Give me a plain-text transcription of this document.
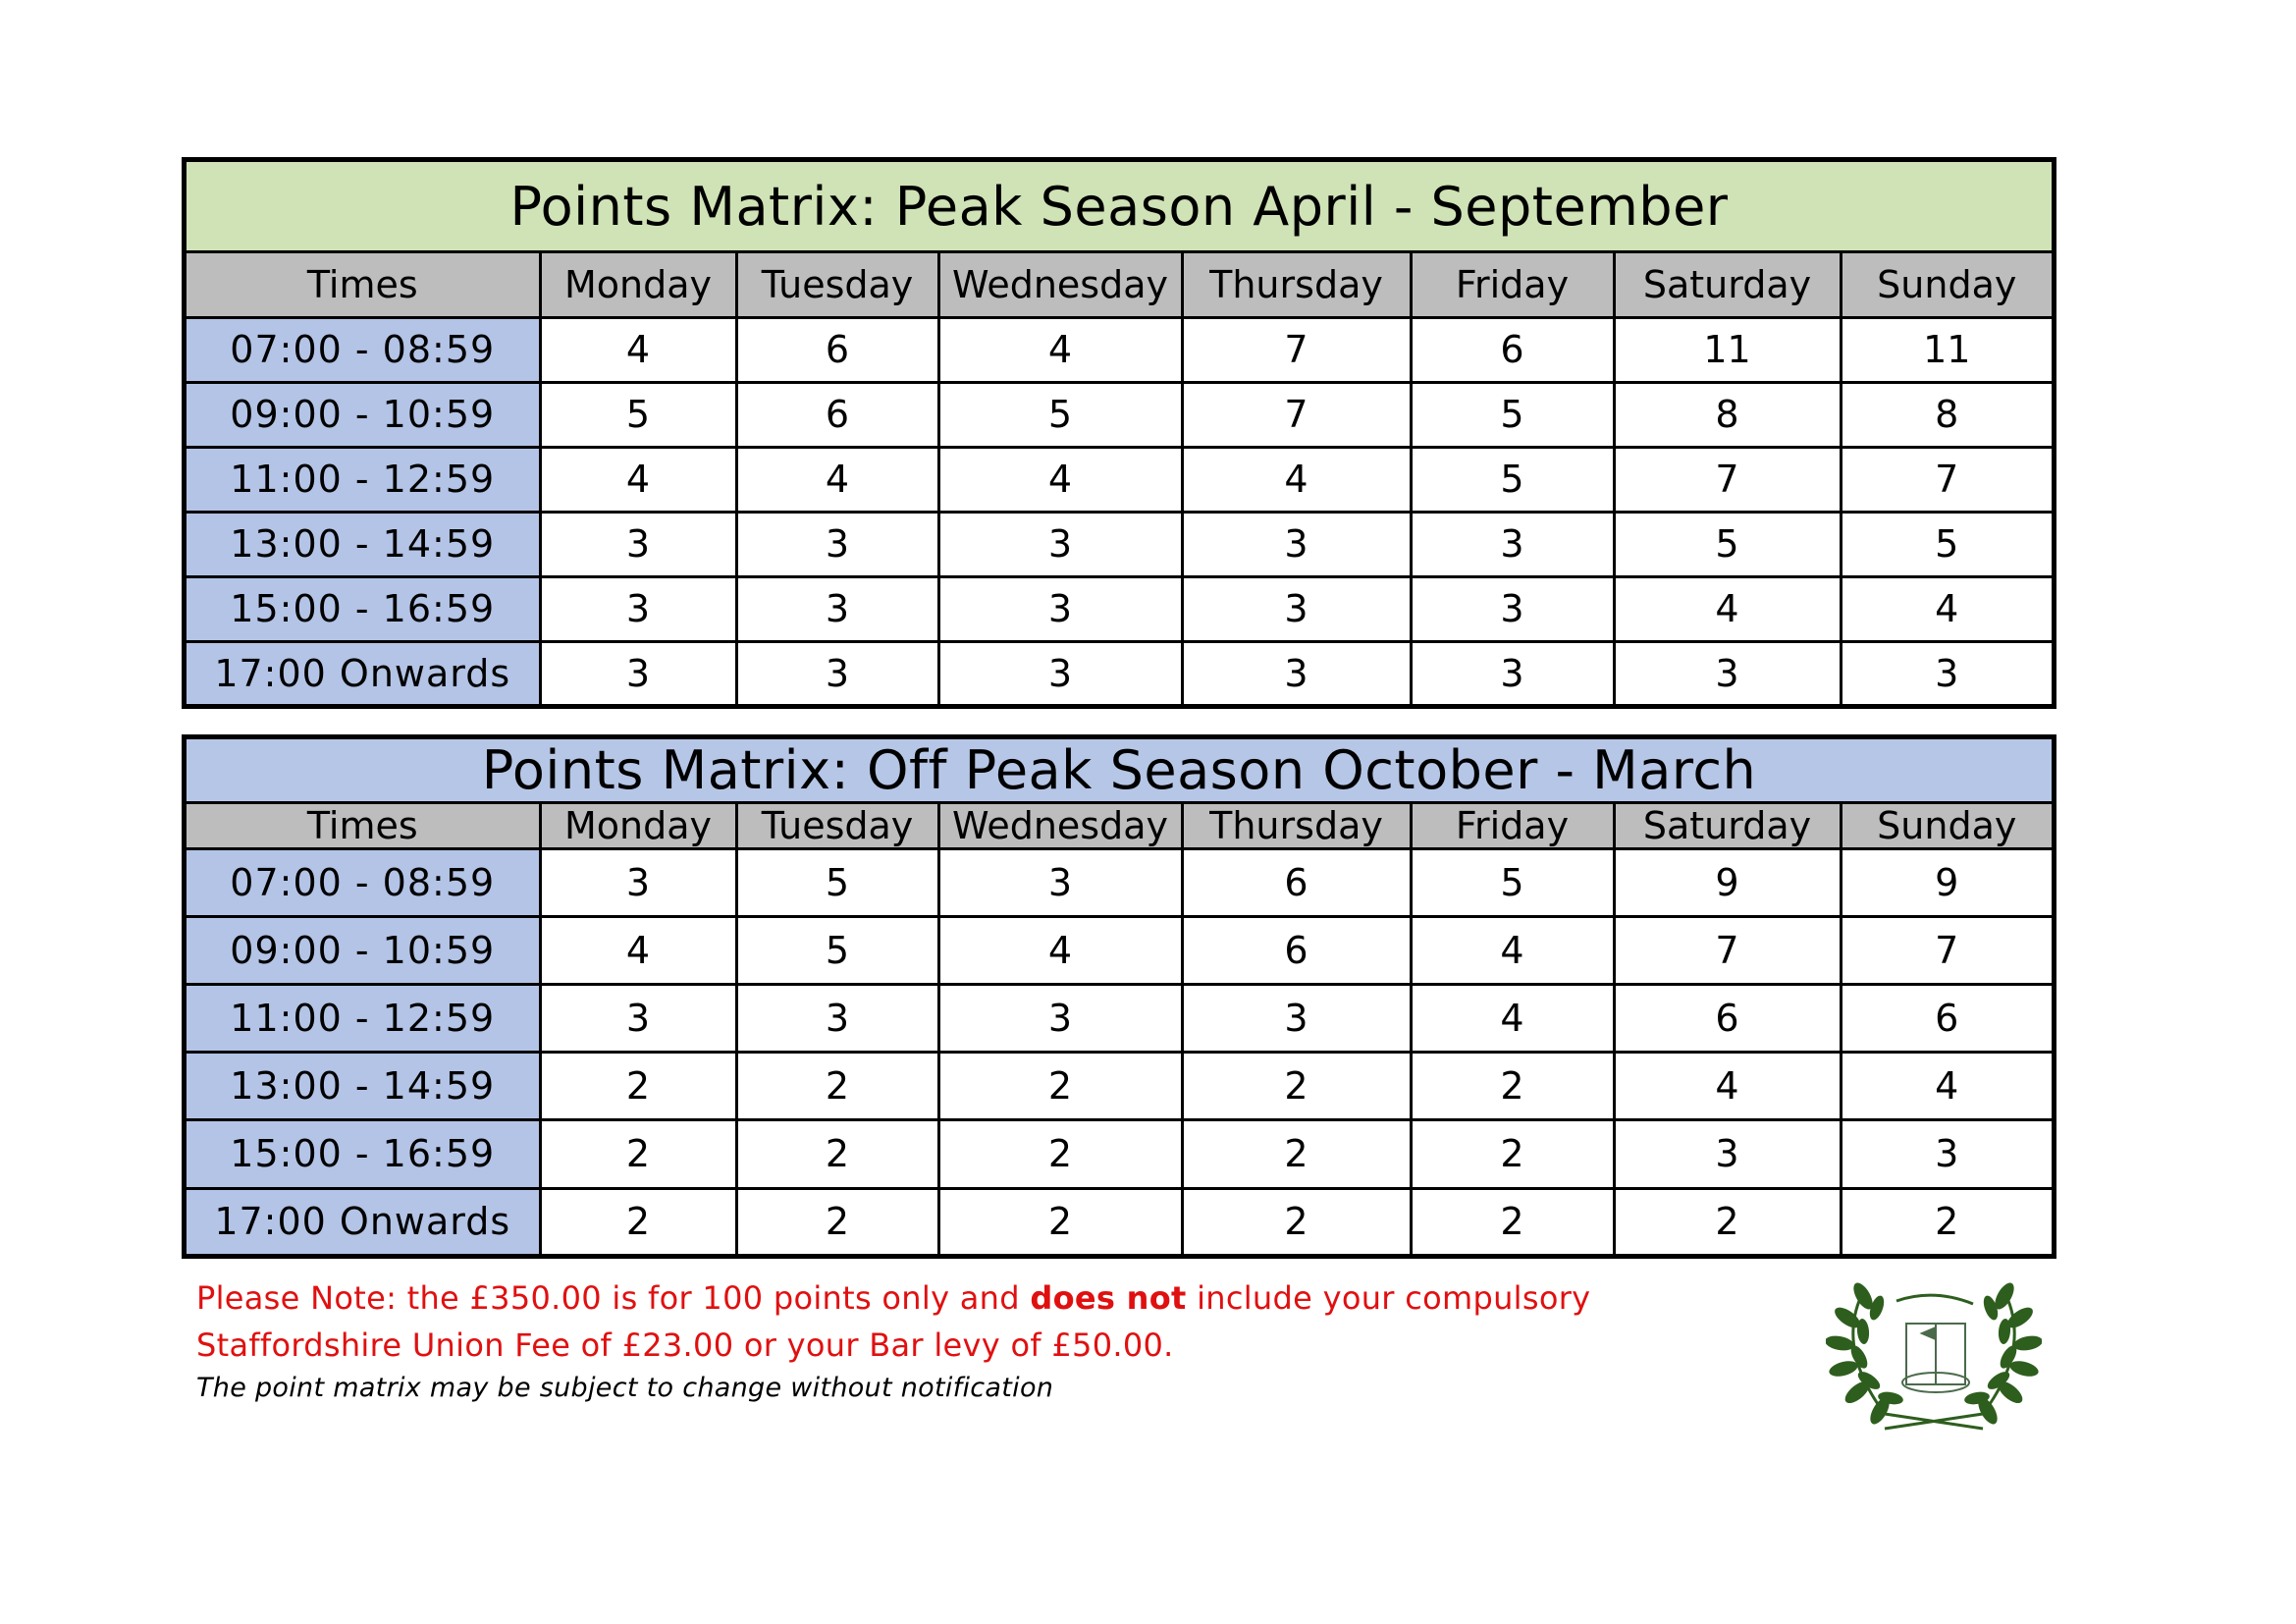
Points Matrix: Peak Season April - September							
Times	Monday	Tuesday	Wednesday	Thursday	Friday	Saturday	Sunday
07:00 - 08:59	4	6	4	7	6	11	11
09:00 - 10:59	5	6	5	7	5	8	8
11:00 - 12:59	4	4	4	4	5	7	7
13:00 - 14:59	3	3	3	3	3	5	5
15:00 - 16:59	3	3	3	3	3	4	4
17:00 Onwards	3	3	3	3	3	3	3
Points Matrix: Off Peak Season October - March							
Times	Monday	Tuesday	Wednesday	Thursday	Friday	Saturday	Sunday
07:00 - 08:59	3	5	3	6	5	9	9
09:00 - 10:59	4	5	4	6	4	7	7
11:00 - 12:59	3	3	3	3	4	6	6
13:00 - 14:59	2	2	2	2	2	4	4
15:00 - 16:59	2	2	2	2	2	3	3
17:00 Onwards	2	2	2	2	2	2	2
Please Note: the £350.00 is for 100 points only and does not include your compulsory
Staffordshire Union Fee of £23.00 or your Bar levy of £50.00.
The point matrix may be subject to change without notification
